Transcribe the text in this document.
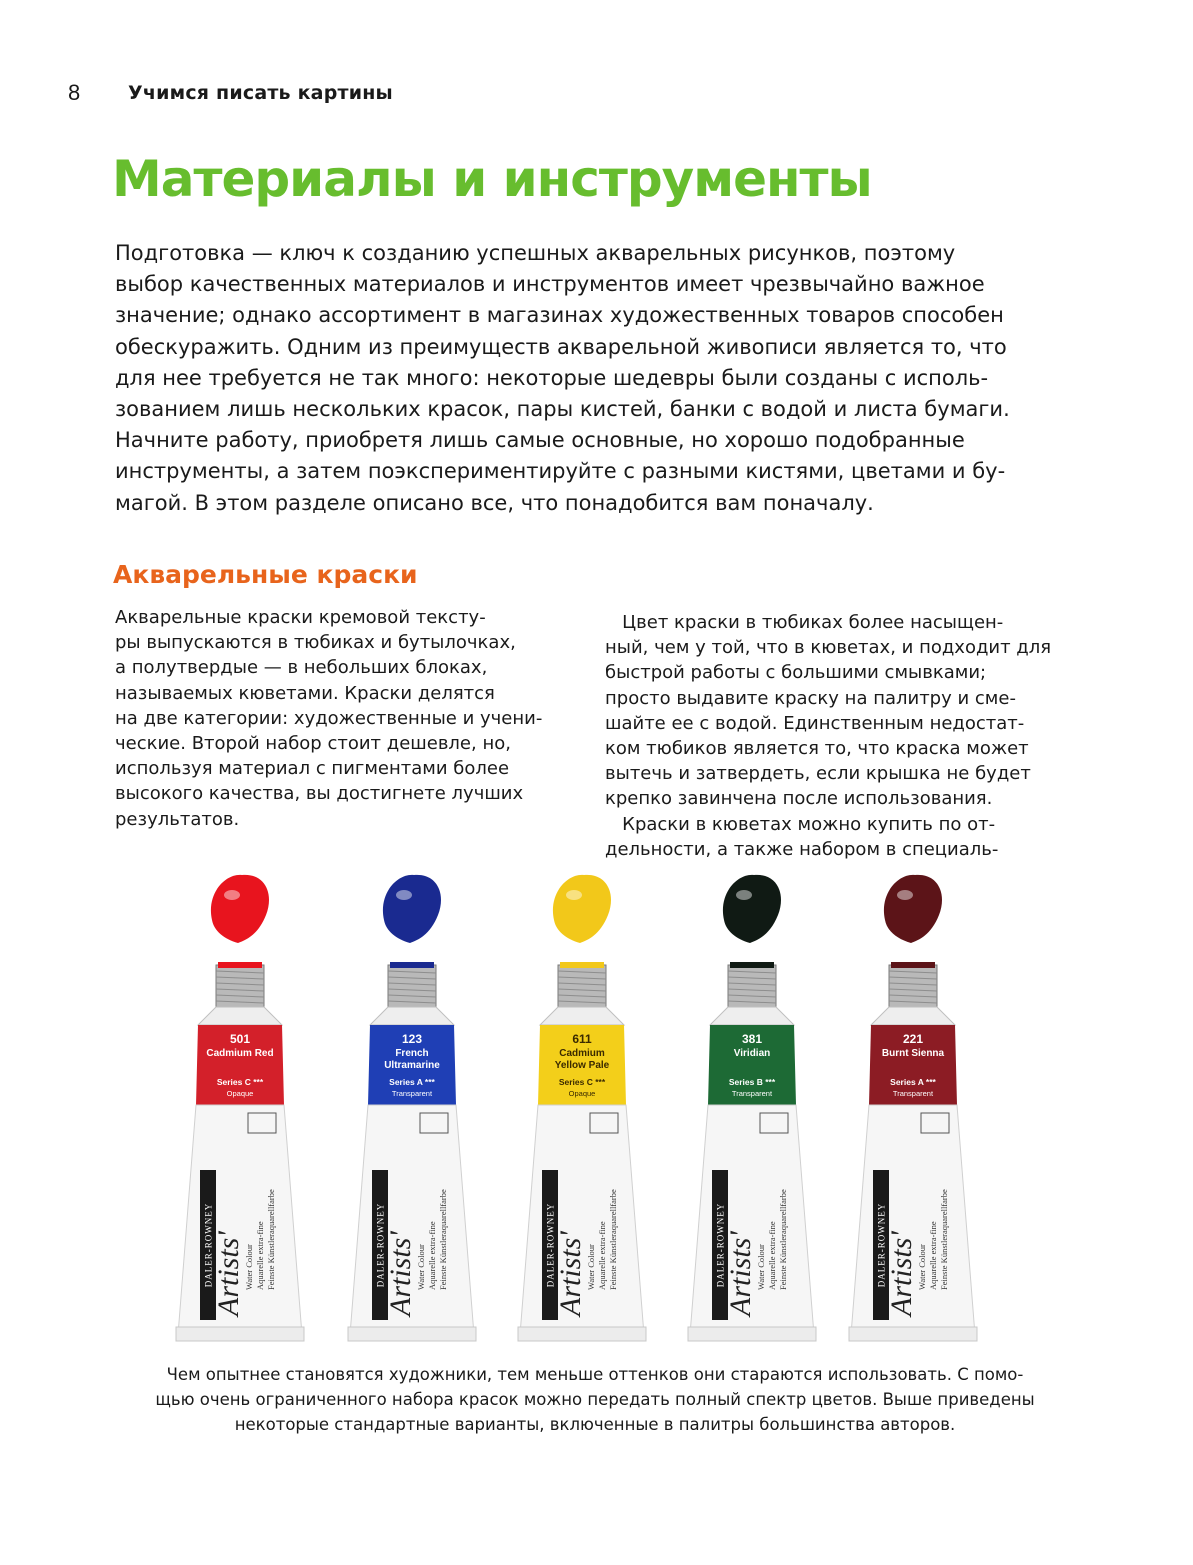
8	Учимся писать картины
Материалы и инструменты
Подготовка — ключ к созданию успешных акварельных рисунков, поэтому
выбор качественных материалов и инструментов имеет чрезвычайно важное
значение; однако ассортимент в магазинах художественных товаров способен
обескуражить. Одним из преимуществ акварельной живописи является то, что
для нее требуется не так много: некоторые шедевры были созданы с исполь-
зованием лишь нескольких красок, пары кистей, банки с водой и листа бумаги.
Начните работу, приобретя лишь самые основные, но хорошо подобранные
инструменты, а затем поэкспериментируйте с разными кистями, цветами и бу-
магой. В этом разделе описано все, что понадобится вам поначалу.
Акварельные краски
Акварельные краски кремовой тексту-
ры выпускаются в тюбиках и бутылочках,
а полутвердые — в небольших блоках,
называемых кюветами. Краски делятся
на две категории: художественные и учени-
ческие. Второй набор стоит дешевле, но,
используя материал с пигментами более
высокого качества, вы достигнете лучших
результатов.
Цвет краски в тюбиках более насыщен-
ный, чем у той, что в кюветах, и подходит для
быстрой работы с большими смывками;
просто выдавите краску на палитру и сме-
шайте ее с водой. Единственным недостат-
ком тюбиков является то, что краска может
вытечь и затвердеть, если крышка не будет
крепко завинчена после использования.
Краски в кюветах можно купить по от-
дельности, а также набором в специаль-
501
Cadmium Red
Series C ***
Opaque
DALER-ROWNEY
Artists' Water Colour Aquarelle extra-fine Feinste Künstleraquarellfarbe
123
French
Ultramarine
Series A ***
Transparent
DALER-ROWNEY
Artists' Water Colour Aquarelle extra-fine Feinste Künstleraquarellfarbe
611
Cadmium
Yellow Pale
Series C ***
Opaque
DALER-ROWNEY
Artists' Water Colour Aquarelle extra-fine Feinste Künstleraquarellfarbe
381
Viridian
Series B ***
Transparent
DALER-ROWNEY
Artists' Water Colour Aquarelle extra-fine Feinste Künstleraquarellfarbe
221
Burnt Sienna
Series A ***
Transparent
DALER-ROWNEY
Artists' Water Colour Aquarelle extra-fine Feinste Künstleraquarellfarbe
Чем опытнее становятся художники, тем меньше оттенков они стараются использовать. С помо-
щью очень ограниченного набора красок можно передать полный спектр цветов. Выше приведены
некоторые стандартные варианты, включенные в палитры большинства авторов.
